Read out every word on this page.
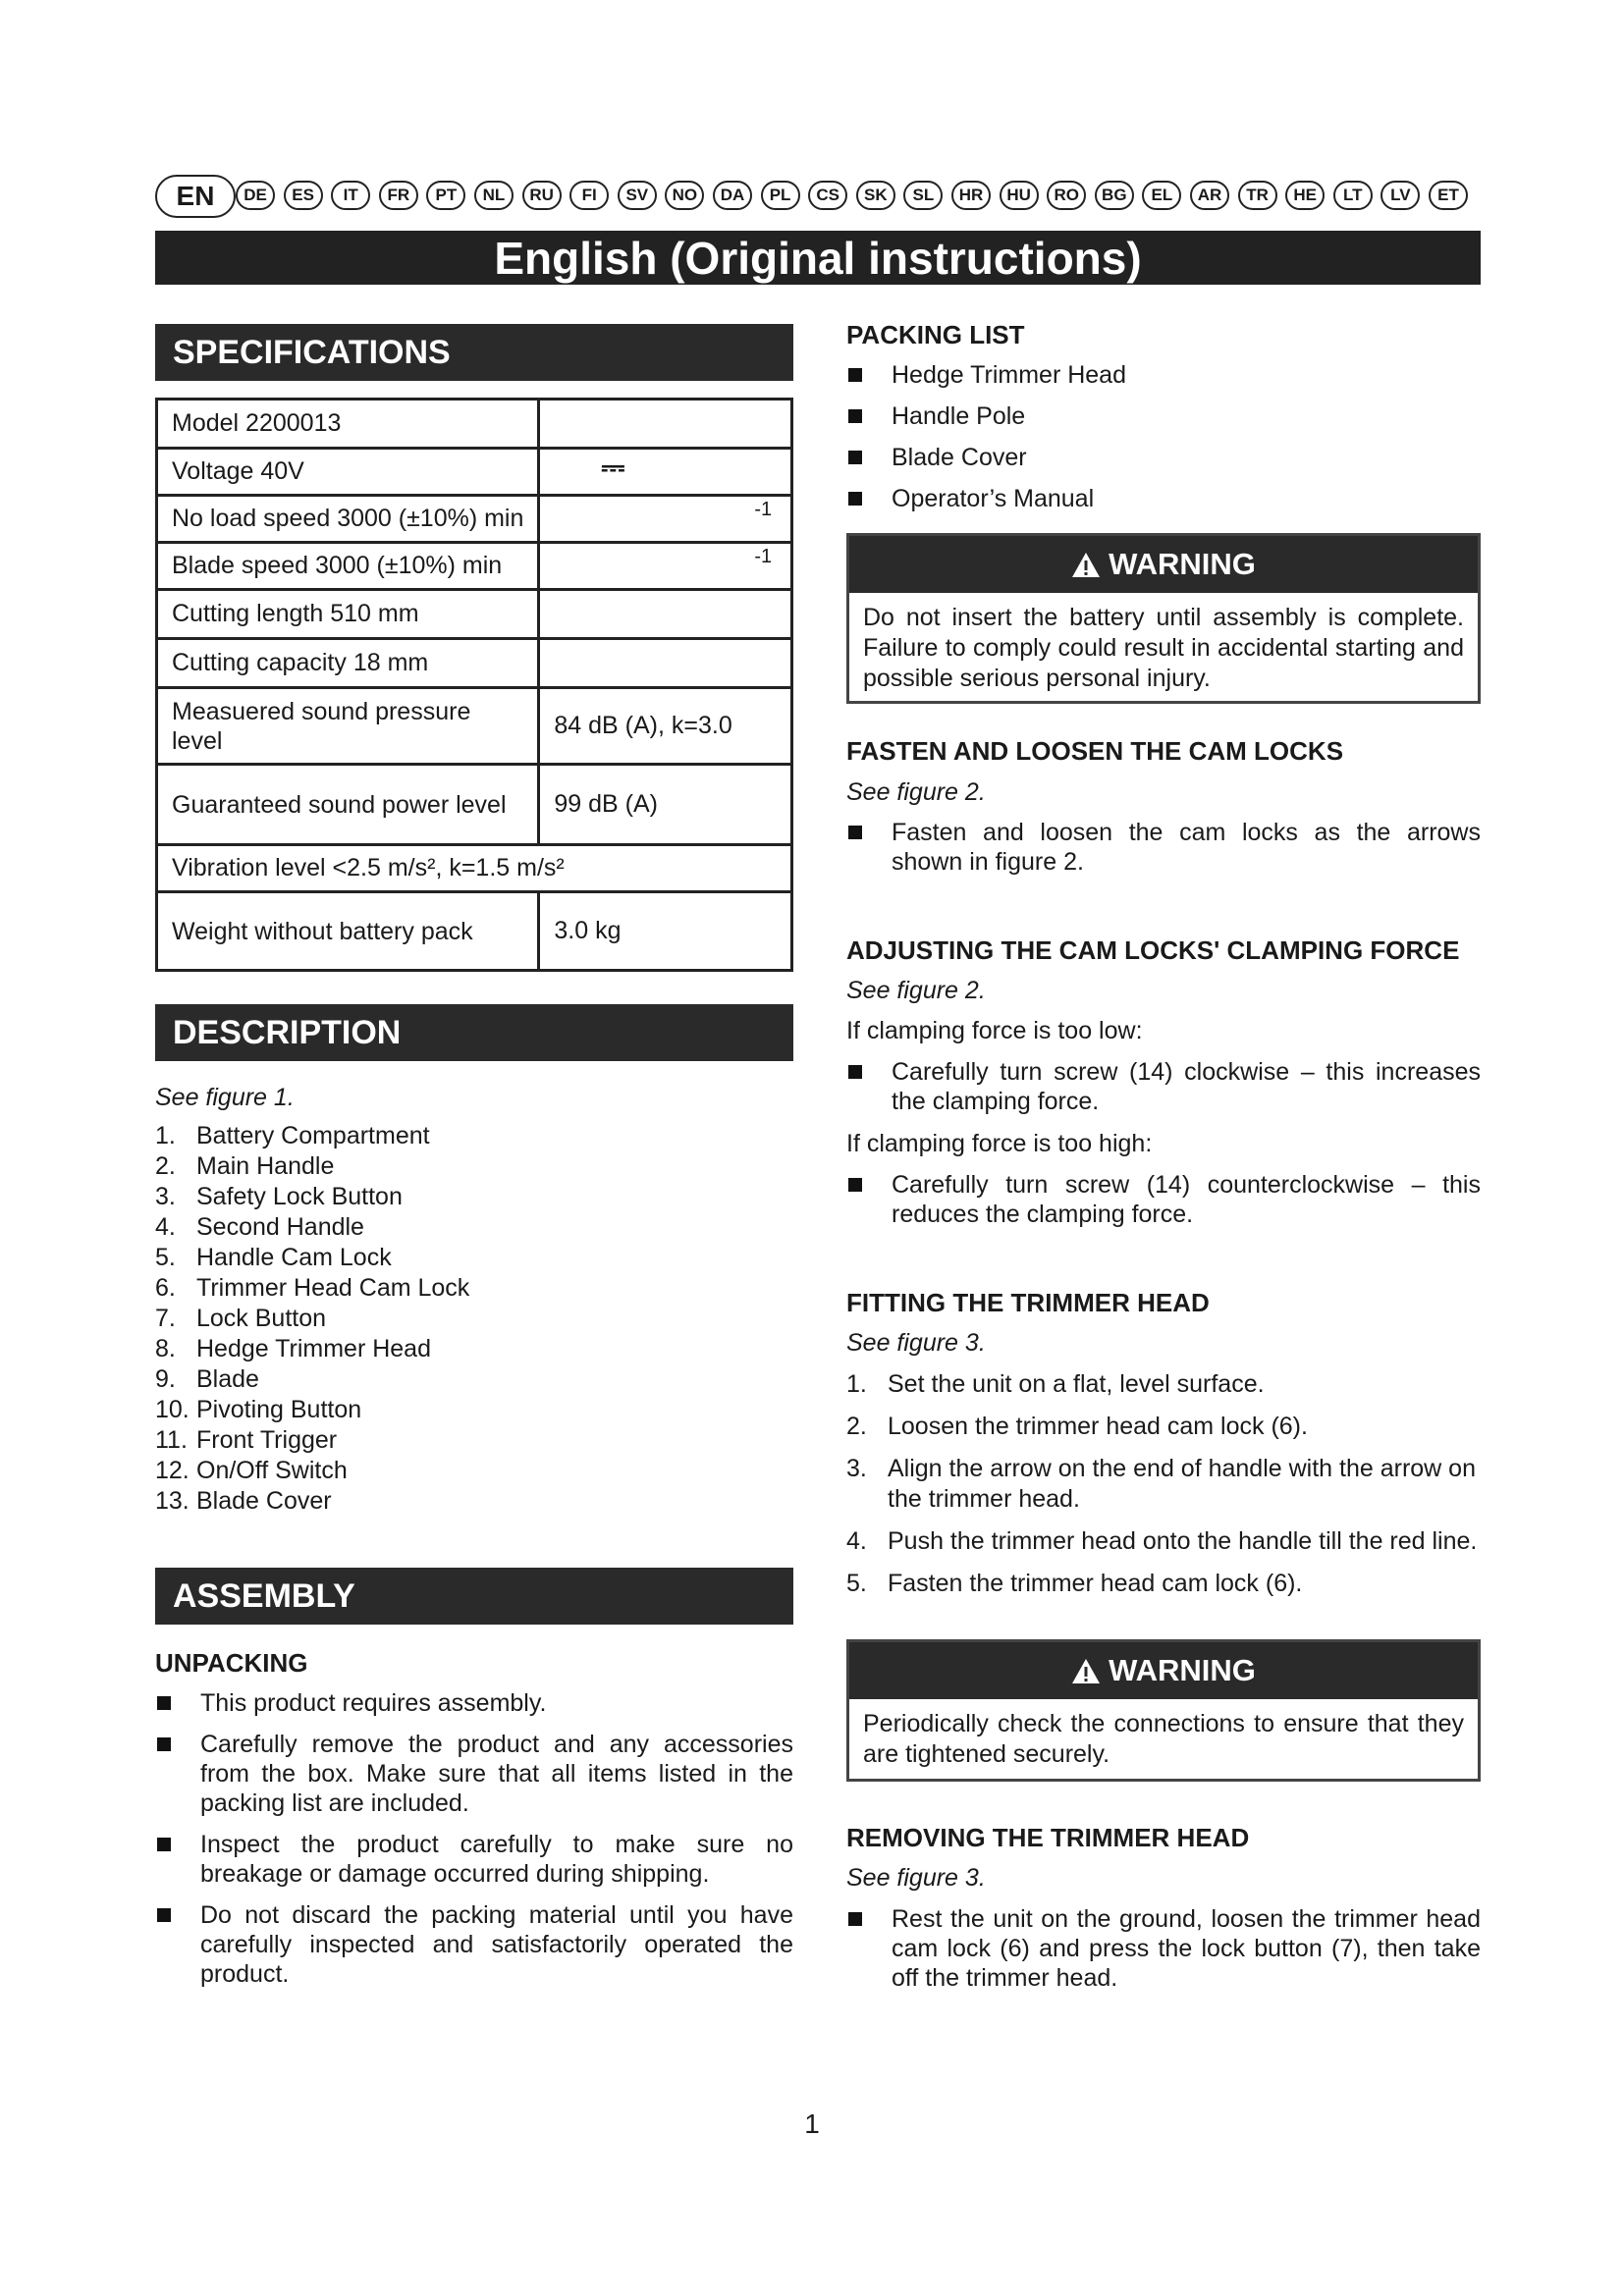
EN	DE	ES	IT	FR	PT	NL	RU	FI	SV	NO	DA	PL	CS	SK	SL	HR	HU	RO	BG	EL	AR	TR	HE	LT	LV	ET
English (Original instructions)
SPECIFICATIONS
Model 2200013	
Voltage 40V	⎓

No load speed 3000 (±10%) min	-1

Blade speed 3000 (±10%) min	-1

Cutting length 510 mm	
Cutting capacity 18 mm	
Measuered sound pressure level	84 dB (A), k=3.0
Guaranteed sound power level	99 dB (A)
Vibration level <2.5 m/s², k=1.5 m/s²	
Weight without battery pack	3.0 kg
DESCRIPTION
See figure 1.
1. Battery Compartment
2. Main Handle
3. Safety Lock Button
4. Second Handle
5. Handle Cam Lock
6. Trimmer Head Cam Lock
7. Lock Button
8. Hedge Trimmer Head
9. Blade
10. Pivoting Button
11. Front Trigger
12. On/Off Switch
13. Blade Cover
ASSEMBLY
UNPACKING
This product requires assembly.
Carefully remove the product and any accessories from the box. Make sure that all items listed in the packing list are included.
Inspect the product carefully to make sure no breakage or damage occurred during shipping.
Do not discard the packing material until you have carefully inspected and satisfactorily operated the product.
PACKING LIST
Hedge Trimmer Head
Handle Pole
Blade Cover
Operator’s Manual
WARNING
Do not insert the battery until assembly is complete. Failure to comply could result in accidental starting and possible serious personal injury.
FASTEN AND LOOSEN THE CAM LOCKS
See figure 2.
Fasten and loosen the cam locks as the arrows shown in figure 2.
ADJUSTING THE CAM LOCKS' CLAMPING FORCE
See figure 2.
If clamping force is too low:
Carefully turn screw (14) clockwise – this increases the clamping force.
If clamping force is too high:
Carefully turn screw (14) counterclockwise – this reduces the clamping force.
FITTING THE TRIMMER HEAD
See figure 3.
1. Set the unit on a flat, level surface.
2. Loosen the trimmer head cam lock (6).
3. Align the arrow on the end of handle with the arrow on the trimmer head.
4. Push the trimmer head onto the handle till the red line.
5. Fasten the trimmer head cam lock (6).
WARNING
Periodically check the connections to ensure that they are tightened securely.
REMOVING THE TRIMMER HEAD
See figure 3.
Rest the unit on the ground, loosen the trimmer head cam lock (6) and press the lock button (7), then take off the trimmer head.
1
